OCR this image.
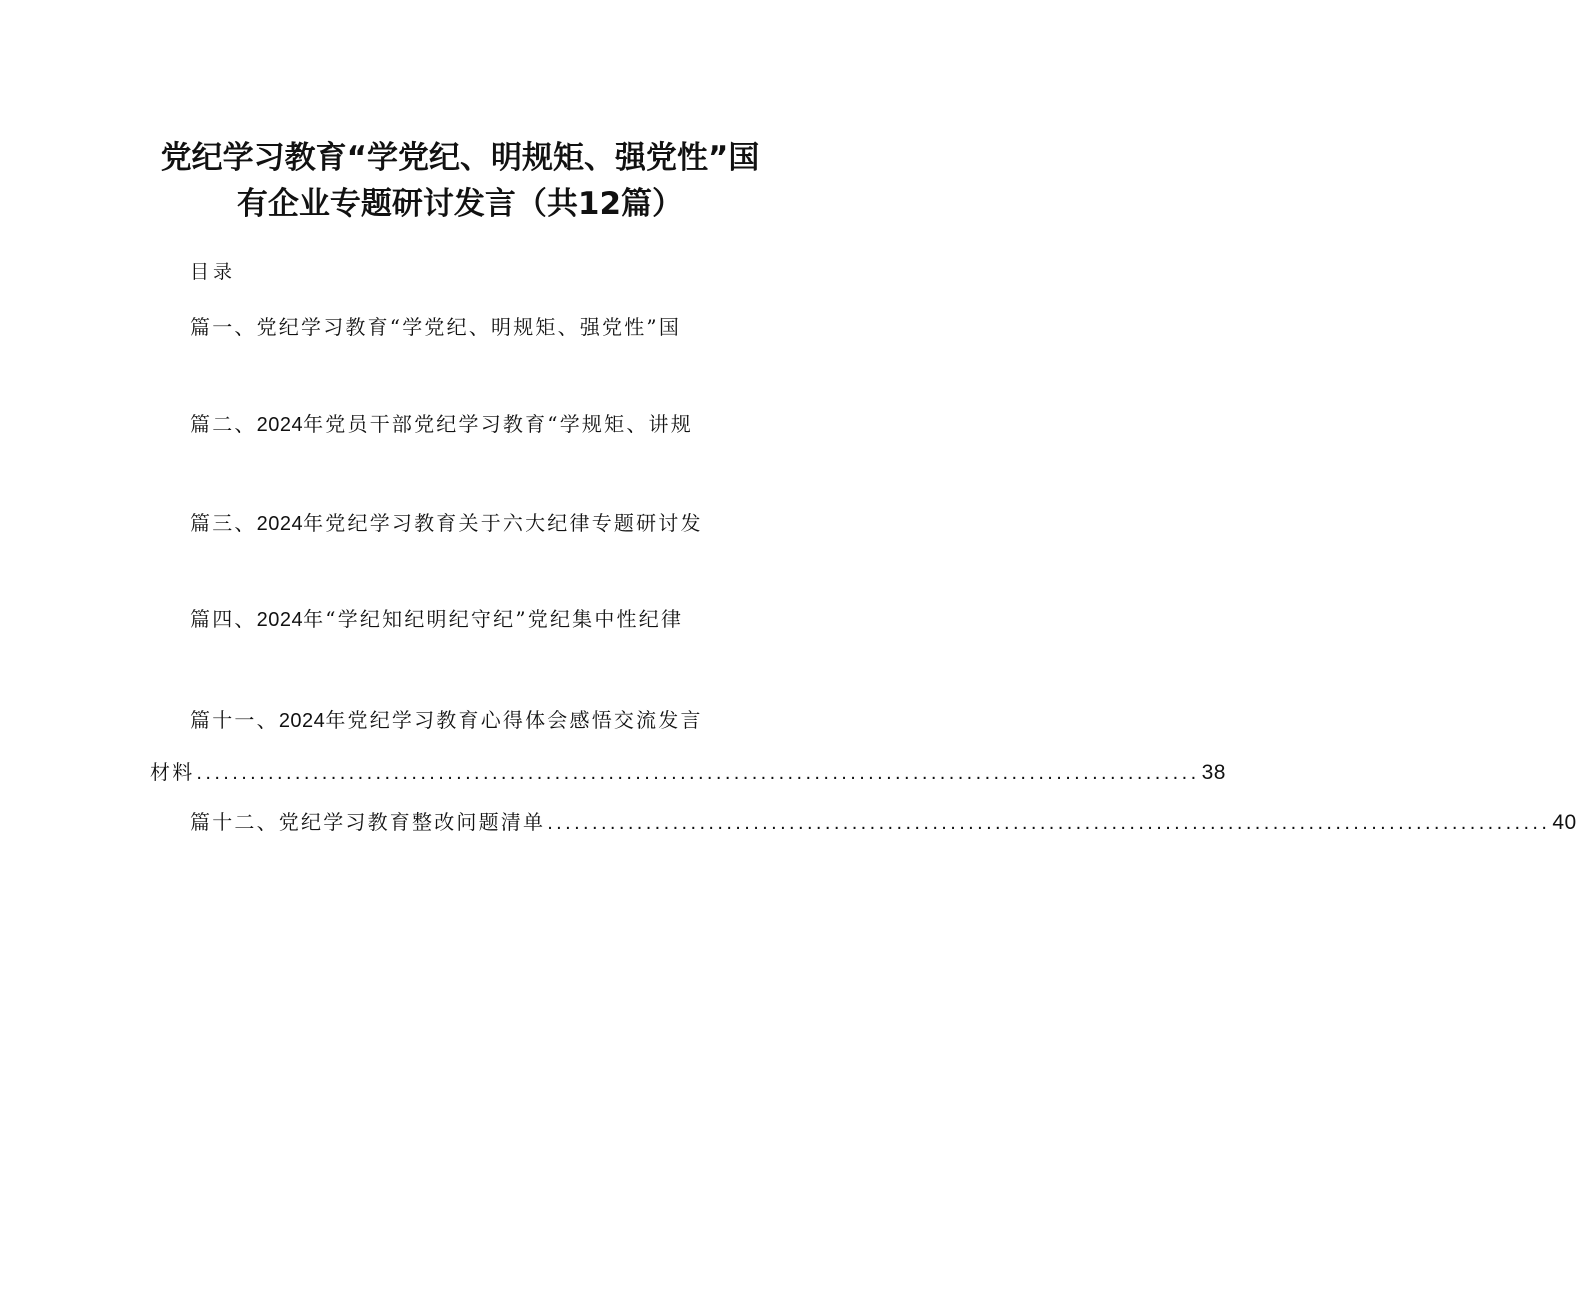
党纪学习教育“学党纪、明规矩、强党性”国
有企业专题研讨发言（共12篇）
目录
篇一、党纪学习教育“学党纪、明规矩、强党性”国
篇二、2024年党员干部党纪学习教育“学规矩、讲规
篇三、2024年党纪学习教育关于六大纪律专题研讨发
篇四、2024年“学纪知纪明纪守纪”党纪集中性纪律
篇十一、2024年党纪学习教育心得体会感悟交流发言
材料 ................................................................................................................ 38
篇十二、党纪学习教育整改问题清单 ................................................................................................................ 40
